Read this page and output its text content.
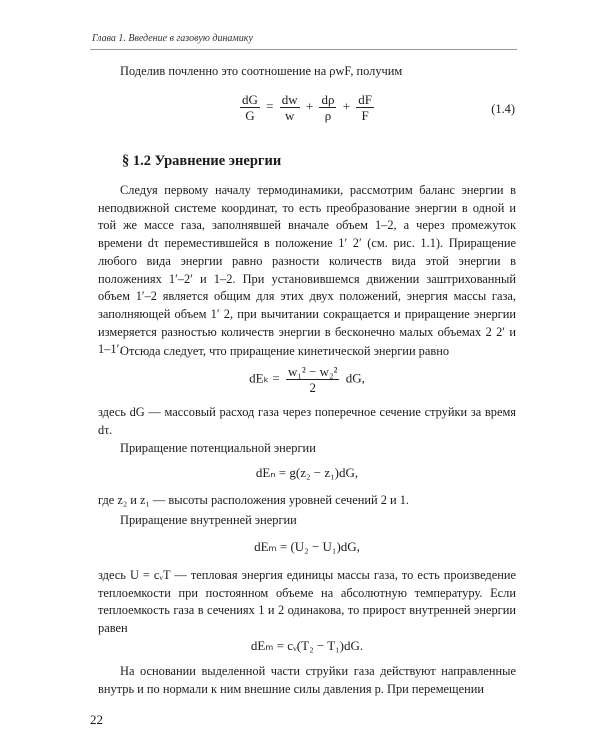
Глава 1. Введение в газовую динамику
Поделив почленно это соотношение на ρwF, получим
$\frac{dG}{G} = \frac{dw}{w} + \frac{d\rho}{\rho} + \frac{dF}{F}$	(1.4)
§ 1.2 Уравнение энергии
Следуя первому началу термодинамики, рассмотрим баланс энергии в неподвижной системе координат, то есть преобразование энергии в одной и той же массе газа, заполнявшей вначале объем 1–2, а через промежуток времени dτ переместившейся в положение 1′ 2′ (см. рис. 1.1). Приращение любого вида энергии равно разности количеств вида этой энергии в положениях 1′–2′ и 1–2. При установившемся движении заштрихованный объем 1′–2 является общим для этих двух положений, энергия массы газа, заполняющей объем 1′ 2, при вычитании сокращается и приращение энергии измеряется разностью количеств энергии в бесконечно малых объемах 2 2′ и 1–1′.
Отсюда следует, что приращение кинетической энергии равно
$dE_k = \frac{\text{w₁² − w₂²}}{2}$ dG,
здесь dG — массовый расход газа через поперечное сечение струйки за время dτ.
Приращение потенциальной энергии
dEₙ = g(z₂ − z₁)dG,
где z₂ и z₁ — высоты расположения уровней сечений 2 и 1.
Приращение внутренней энергии
dEₘ = (U₂ − U₁)dG,
здесь U = cᵥT — тепловая энергия единицы массы газа, то есть произведение теплоемкости при постоянном объеме на абсолютную температуру. Если теплоемкость газа в сечениях 1 и 2 одинакова, то прирост внутренней энергии равен
dEₘ = cᵥ(T₂ − T₁)dG.
На основании выделенной части струйки газа действуют направленные внутрь и по нормали к ним внешние силы давления p. При перемещении
22
